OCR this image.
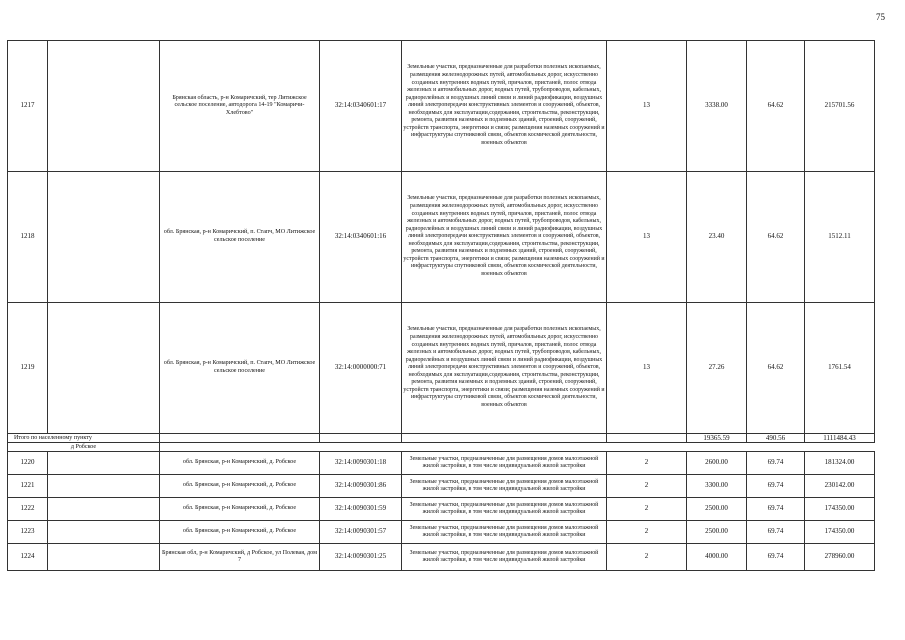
75
1217		Брянская область, р-н Комаричский, тер Литижское сельское поселение, автодорога 14-19 "Комаричи-Хлебтово"	32:14:0340601:17	Земельные участки, предназначенные для разработки полезных ископаемых, размещения железнодорожных путей, автомобильных дорог, искусственно созданных внутренних водных путей, причалов, пристаней, полос отвода железных и автомобильных дорог, водных путей, трубопроводов, кабельных, радиорелейных и воздушных линий связи и линий радиофикации, воздушных линий электропередачи конструктивных элементов и сооружений, объектов, необходимых для эксплуатации,содержания, строительства, реконструкции, ремонта, развития наземных и подземных зданий, строений, сооружений, устройств транспорта, энергетики и связи; размещения наземных сооружений и инфраструктуры спутниковой связи, объектов космической деятельности, военных объектов	13	3338.00	64.62	215701.56
1218		обл. Брянская, р-н Комаричский, п. Стапч, МО Литижское сельское поселение	32:14:0340601:16	Земельные участки, предназначенные для разработки полезных ископаемых, размещения железнодорожных путей, автомобильных дорог, искусственно созданных внутренних водных путей, причалов, пристаней, полос отвода железных и автомобильных дорог, водных путей, трубопроводов, кабельных, радиорелейных и воздушных линий связи и линий радиофикации, воздушных линий электропередачи конструктивных элементов и сооружений, объектов, необходимых для эксплуатации,содержания, строительства, реконструкции, ремонта, развития наземных и подземных зданий, строений, сооружений, устройств транспорта, энергетики и связи; размещения наземных сооружений и инфраструктуры спутниковой связи, объектов космической деятельности, военных объектов	13	23.40	64.62	1512.11
1219		обл. Брянская, р-н Комаричский, п. Стапч, МО Литижское сельское поселение	32:14:0000000:71	Земельные участки, предназначенные для разработки полезных ископаемых, размещения железнодорожных путей, автомобильных дорог, искусственно созданных внутренних водных путей, причалов, пристаней, полос отвода железных и автомобильных дорог, водных путей, трубопроводов, кабельных, радиорелейных и воздушных линий связи и линий радиофикации, воздушных линий электропередачи конструктивных элементов и сооружений, объектов, необходимых для эксплуатации,содержания, строительства, реконструкции, ремонта, развития наземных и подземных зданий, строений, сооружений, устройств транспорта, энергетики и связи; размещения наземных сооружений и инфраструктуры спутниковой связи, объектов космической деятельности, военных объектов	13	27.26	64.62	1761.54
Итого по населенному пункту						19365.59	490.56	1111484.43
д Робское								
1220		обл. Брянская, р-н Комаричский, д. Робское	32:14:0090301:18	Земельные участки, предназначенные для размещения домов малоэтажной жилой застройки, в том числе индивидуальной жилой застройки	2	2600.00	69.74	181324.00
1221		обл. Брянская, р-н Комаричский, д. Робское	32:14:0090301:86	Земельные участки, предназначенные для размещения домов малоэтажной жилой застройки, в том числе индивидуальной жилой застройки	2	3300.00	69.74	230142.00
1222		обл. Брянская, р-н Комаричский, д. Робское	32:14:0090301:59	Земельные участки, предназначенные для размещения домов малоэтажной жилой застройки, в том числе индивидуальной жилой застройки	2	2500.00	69.74	174350.00
1223		обл. Брянская, р-н Комаричский, д. Робское	32:14:0090301:57	Земельные участки, предназначенные для размещения домов малоэтажной жилой застройки, в том числе индивидуальной жилой застройки	2	2500.00	69.74	174350.00
1224		Брянская обл, р-н Комаричский, д Робское, ул Полевая, дом 7	32:14:0090301:25	Земельные участки, предназначенные для размещения домов малоэтажной жилой застройки, в том числе индивидуальной жилой застройки	2	4000.00	69.74	278960.00
